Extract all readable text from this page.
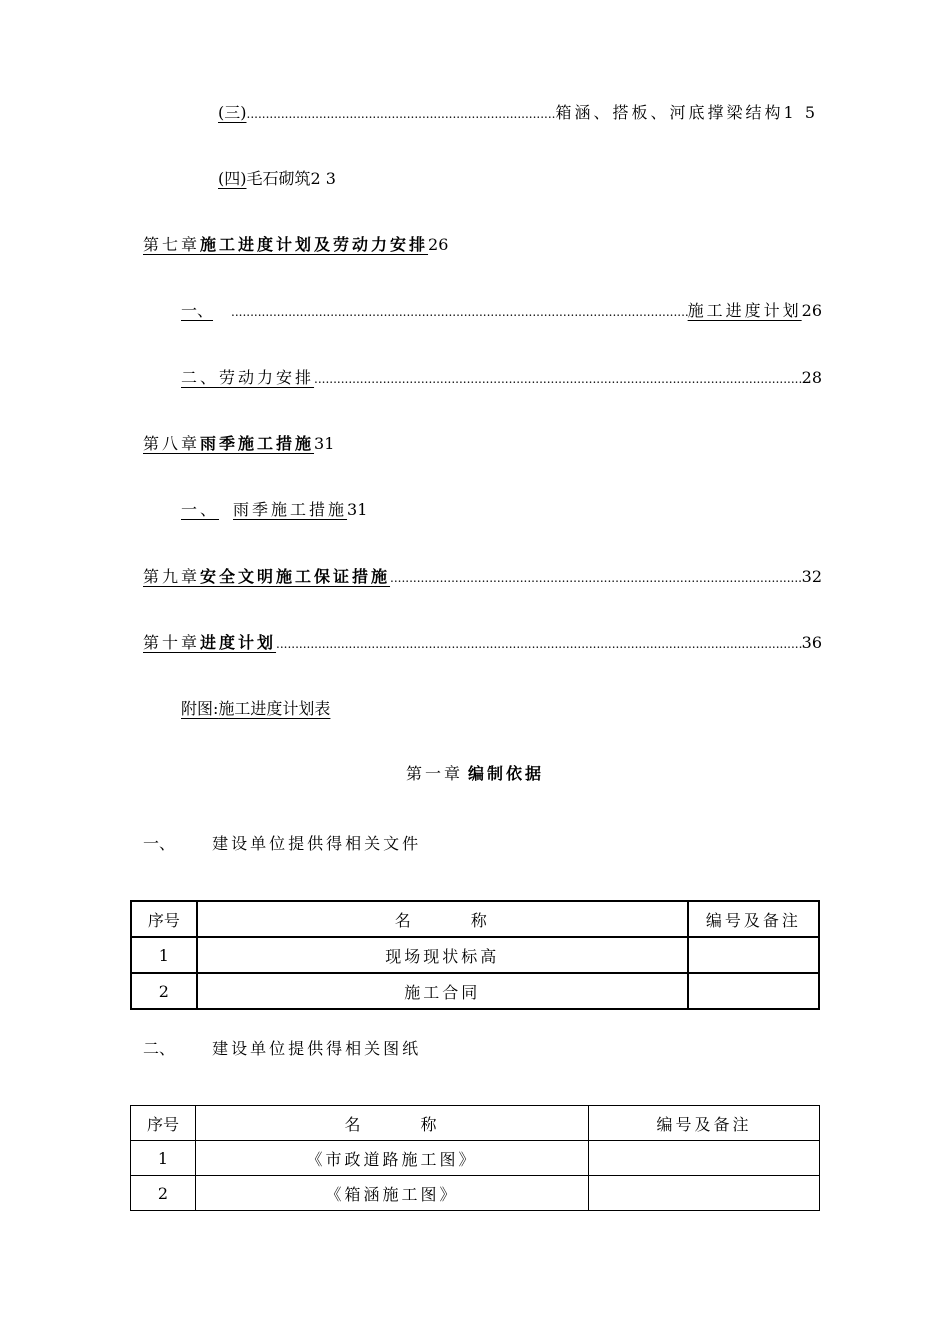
(三) .....	箱涵、搭板、河底撑梁结构 1 5
(四) 毛石砌筑 2 3
第七章 施工进度计划及劳动力安排 26
一、 .....	施工进度计划 26
二、 劳动力安排 .....	28
第八章 雨季施工措施 31
一、 雨季施工措施 31
第九章 安全文明施工保证措施 .....	32
第十章 进度计划 .....	36
附图: 施工进度计划表
第一章 编制依据
一、 建设单位提供得相关文件
序号	名　　　称	编号及备注
1	现场现状标高	
2	施工合同	
二、 建设单位提供得相关图纸
序号	名　　　称	编号及备注
1	《市政道路施工图》	
2	《箱涵施工图》	
